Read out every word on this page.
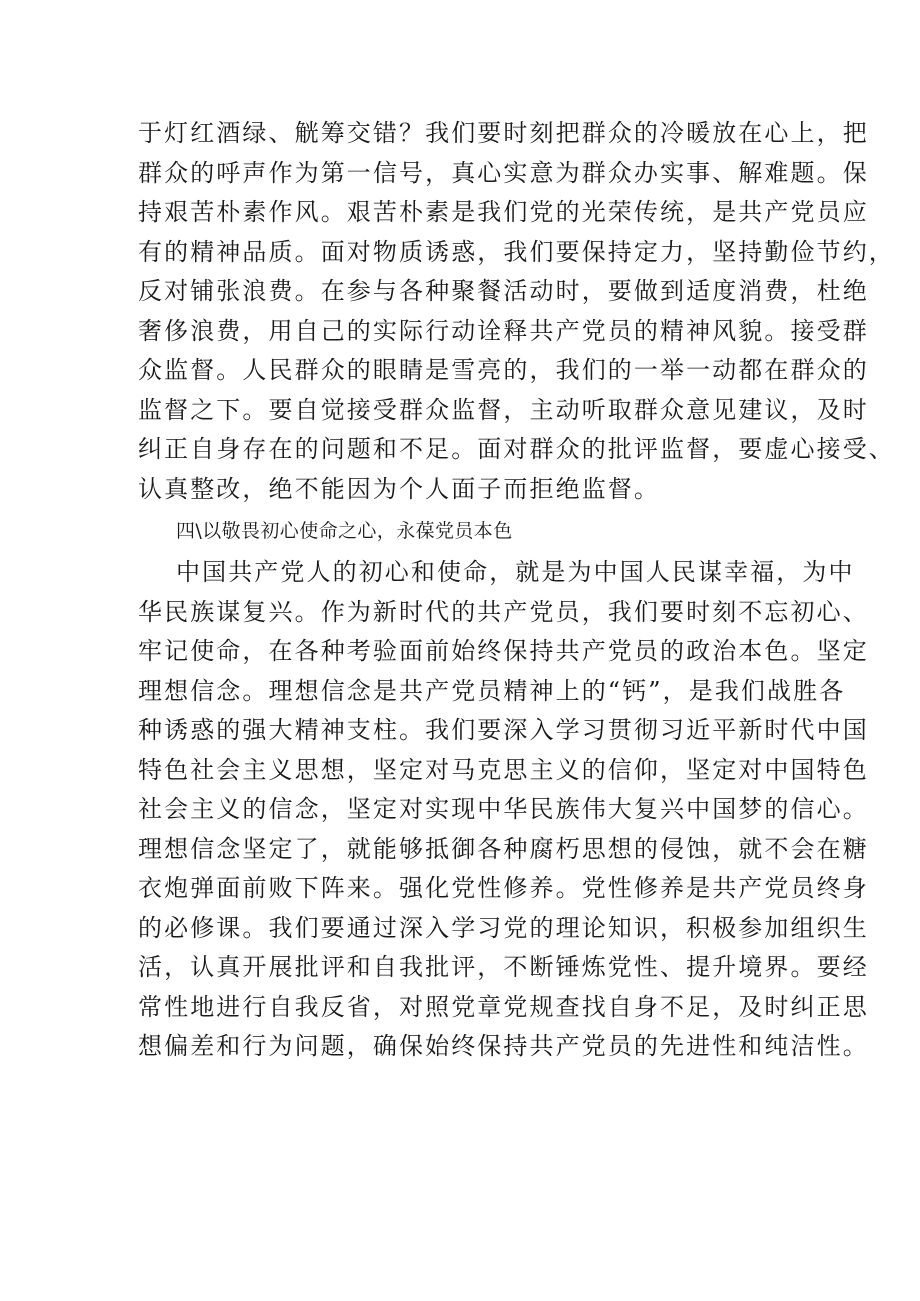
于灯红酒绿、觥筹交错？我们要时刻把群众的冷暖放在心上，把
群众的呼声作为第一信号，真心实意为群众办实事、解难题。保
持艰苦朴素作风。艰苦朴素是我们党的光荣传统，是共产党员应
有的精神品质。面对物质诱惑，我们要保持定力，坚持勤俭节约，
反对铺张浪费。在参与各种聚餐活动时，要做到适度消费，杜绝
奢侈浪费，用自己的实际行动诠释共产党员的精神风貌。接受群
众监督。人民群众的眼睛是雪亮的，我们的一举一动都在群众的
监督之下。要自觉接受群众监督，主动听取群众意见建议，及时
纠正自身存在的问题和不足。面对群众的批评监督，要虚心接受、
认真整改，绝不能因为个人面子而拒绝监督。
四\以敬畏初心使命之心，永葆党员本色
中国共产党人的初心和使命，就是为中国人民谋幸福，为中
华民族谋复兴。作为新时代的共产党员，我们要时刻不忘初心、
牢记使命，在各种考验面前始终保持共产党员的政治本色。坚定
理想信念。理想信念是共产党员精神上的“钙”，是我们战胜各
种诱惑的强大精神支柱。我们要深入学习贯彻习近平新时代中国
特色社会主义思想，坚定对马克思主义的信仰，坚定对中国特色
社会主义的信念，坚定对实现中华民族伟大复兴中国梦的信心。
理想信念坚定了，就能够抵御各种腐朽思想的侵蚀，就不会在糖
衣炮弹面前败下阵来。强化党性修养。党性修养是共产党员终身
的必修课。我们要通过深入学习党的理论知识，积极参加组织生
活，认真开展批评和自我批评，不断锤炼党性、提升境界。要经
常性地进行自我反省，对照党章党规查找自身不足，及时纠正思
想偏差和行为问题，确保始终保持共产党员的先进性和纯洁性。
